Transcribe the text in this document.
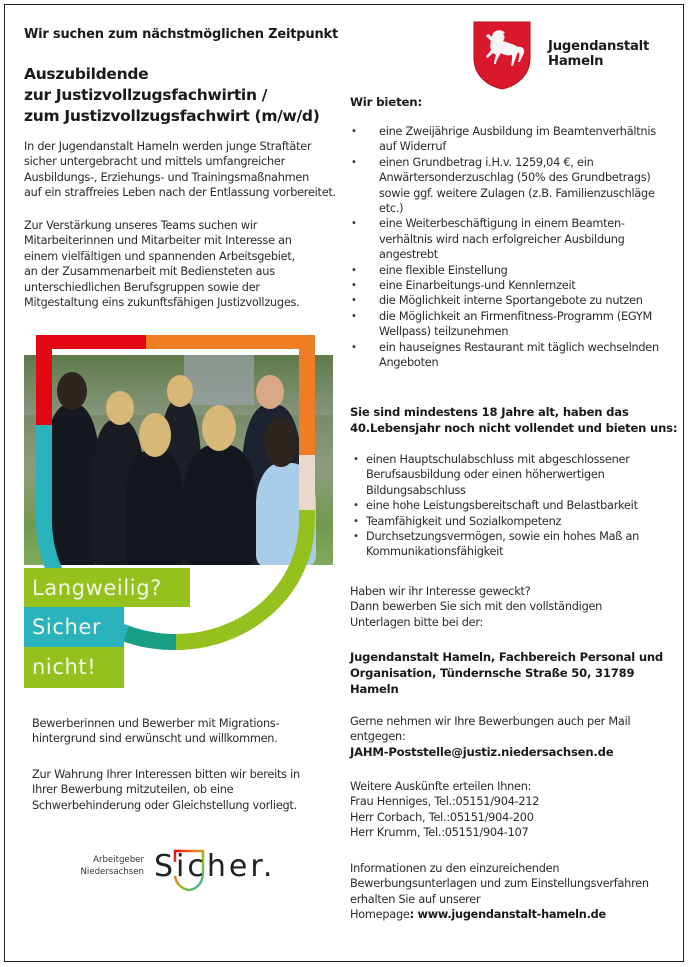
Wir suchen zum nächstmöglichen Zeitpunkt
Auszubildende
zur Justizvollzugsfachwirtin /
zum Justizvollzugsfachwirt (m/w/d)
Jugendanstalt
Hameln
In der Jugendanstalt Hameln werden junge Straftäter
sicher untergebracht und mittels umfangreicher
Ausbildungs-, Erziehungs- und Trainingsmaßnahmen
auf ein straffreies Leben nach der Entlassung vorbereitet.
Zur Verstärkung unseres Teams suchen wir
Mitarbeiterinnen und Mitarbeiter mit Interesse an
einem vielfältigen und spannenden Arbeitsgebiet,
an der Zusammenarbeit mit Bediensteten aus
unterschiedlichen Berufsgruppen sowie der
Mitgestaltung eins zukunftsfähigen Justizvollzuges.
Langweilig?
Sicher
nicht!
Bewerberinnen und Bewerber mit Migrations-
hintergrund sind erwünscht und willkommen.
Zur Wahrung Ihrer Interessen bitten wir bereits in
Ihrer Bewerbung mitzuteilen, ob eine
Schwerbehinderung oder Gleichstellung vorliegt.
Arbeitgeber
Niedersachsen Sicher.
Wir bieten:
• eine Zweijährige Ausbildung im Beamtenverhältnis
auf Widerruf
• einen Grundbetrag i.H.v. 1259,04 €, ein
Anwärtersonderzuschlag (50% des Grundbetrags)
sowie ggf. weitere Zulagen (z.B. Familienzuschläge
etc.)
• eine Weiterbeschäftigung in einem Beamten-
verhältnis wird nach erfolgreicher Ausbildung
angestrebt
• eine flexible Einstellung
• eine Einarbeitungs-und Kennlernzeit
• die Möglichkeit interne Sportangebote zu nutzen
• die Möglichkeit an Firmenfitness-Programm (EGYM
Wellpass) teilzunehmen
• ein hauseignes Restaurant mit täglich wechselnden
Angeboten
Sie sind mindestens 18 Jahre alt, haben das
40.Lebensjahr noch nicht vollendet und bieten uns:
• einen Hauptschulabschluss mit abgeschlossener
Berufsausbildung oder einen höherwertigen
Bildungsabschluss
• eine hohe Leistungsbereitschaft und Belastbarkeit
• Teamfähigkeit und Sozialkompetenz
• Durchsetzungsvermögen, sowie ein hohes Maß an
Kommunikationsfähigkeit
Haben wir ihr Interesse geweckt?
Dann bewerben Sie sich mit den vollständigen
Unterlagen bitte bei der:
Jugendanstalt Hameln, Fachbereich Personal und
Organisation, Tündernsche Straße 50, 31789
Hameln
Gerne nehmen wir Ihre Bewerbungen auch per Mail
entgegen:
JAHM-Poststelle@justiz.niedersachsen.de
Weitere Auskünfte erteilen Ihnen:
Frau Henniges, Tel.:05151/904-212
Herr Corbach, Tel.:05151/904-200
Herr Krumm, Tel.:05151/904-107
Informationen zu den einzureichenden
Bewerbungsunterlagen und zum Einstellungsverfahren
erhalten Sie auf unserer
Homepage: www.jugendanstalt-hameln.de
